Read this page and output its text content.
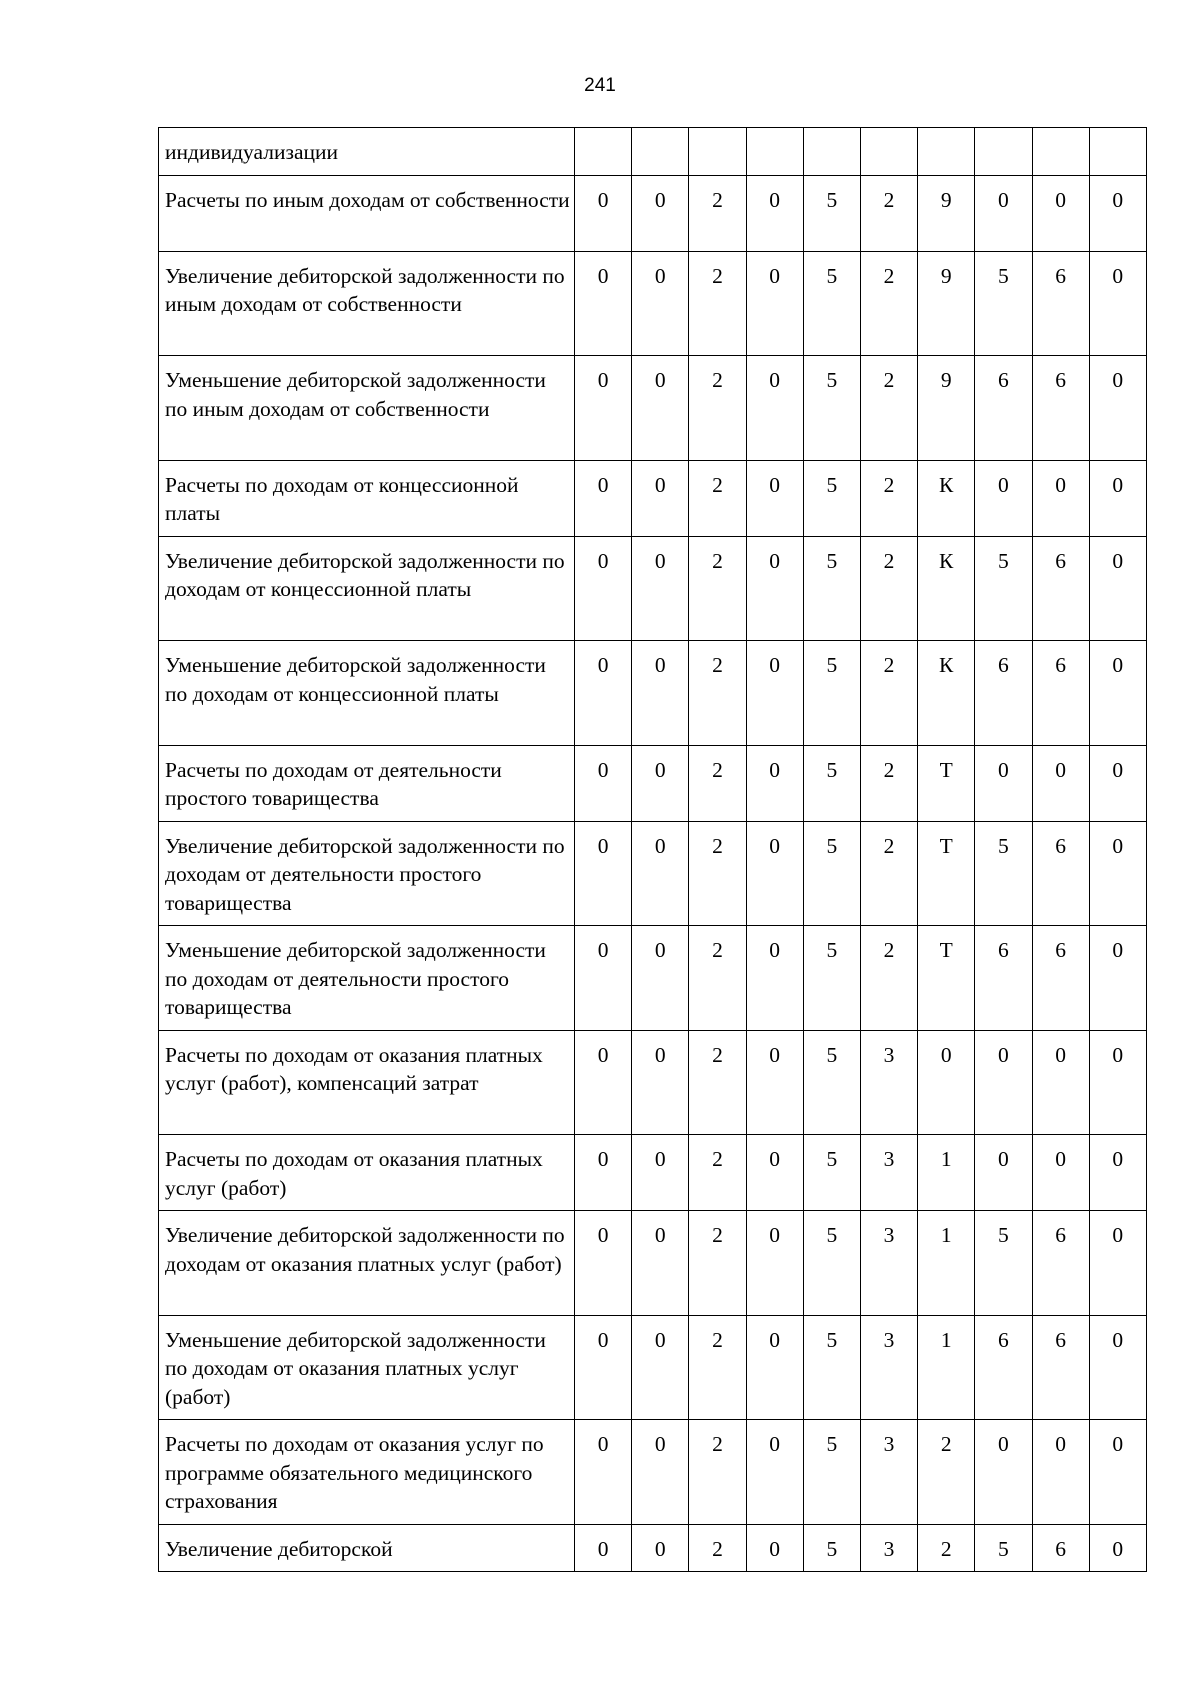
241
индивидуализации										
Расчеты по иным доходам от собственности	0	0	2	0	5	2	9	0	0	0
Увеличение дебиторской задолженности по иным доходам от собственности	0	0	2	0	5	2	9	5	6	0
Уменьшение дебиторской задолженности по иным доходам от собственности	0	0	2	0	5	2	9	6	6	0
Расчеты по доходам от концессионной платы	0	0	2	0	5	2	К	0	0	0
Увеличение дебиторской задолженности по доходам от концессионной платы	0	0	2	0	5	2	К	5	6	0
Уменьшение дебиторской задолженности по доходам от концессионной платы	0	0	2	0	5	2	К	6	6	0
Расчеты по доходам от деятельности простого товарищества	0	0	2	0	5	2	Т	0	0	0
Увеличение дебиторской задолженности по доходам от деятельности простого товарищества	0	0	2	0	5	2	Т	5	6	0
Уменьшение дебиторской задолженности по доходам от деятельности простого товарищества	0	0	2	0	5	2	Т	6	6	0
Расчеты по доходам от оказания платных услуг (работ), компенсаций затрат	0	0	2	0	5	3	0	0	0	0
Расчеты по доходам от оказания платных услуг (работ)	0	0	2	0	5	3	1	0	0	0
Увеличение дебиторской задолженности по доходам от оказания платных услуг (работ)	0	0	2	0	5	3	1	5	6	0
Уменьшение дебиторской задолженности по доходам от оказания платных услуг (работ)	0	0	2	0	5	3	1	6	6	0
Расчеты по доходам от оказания услуг по программе обязательного медицинского страхования	0	0	2	0	5	3	2	0	0	0
Увеличение дебиторской	0	0	2	0	5	3	2	5	6	0
